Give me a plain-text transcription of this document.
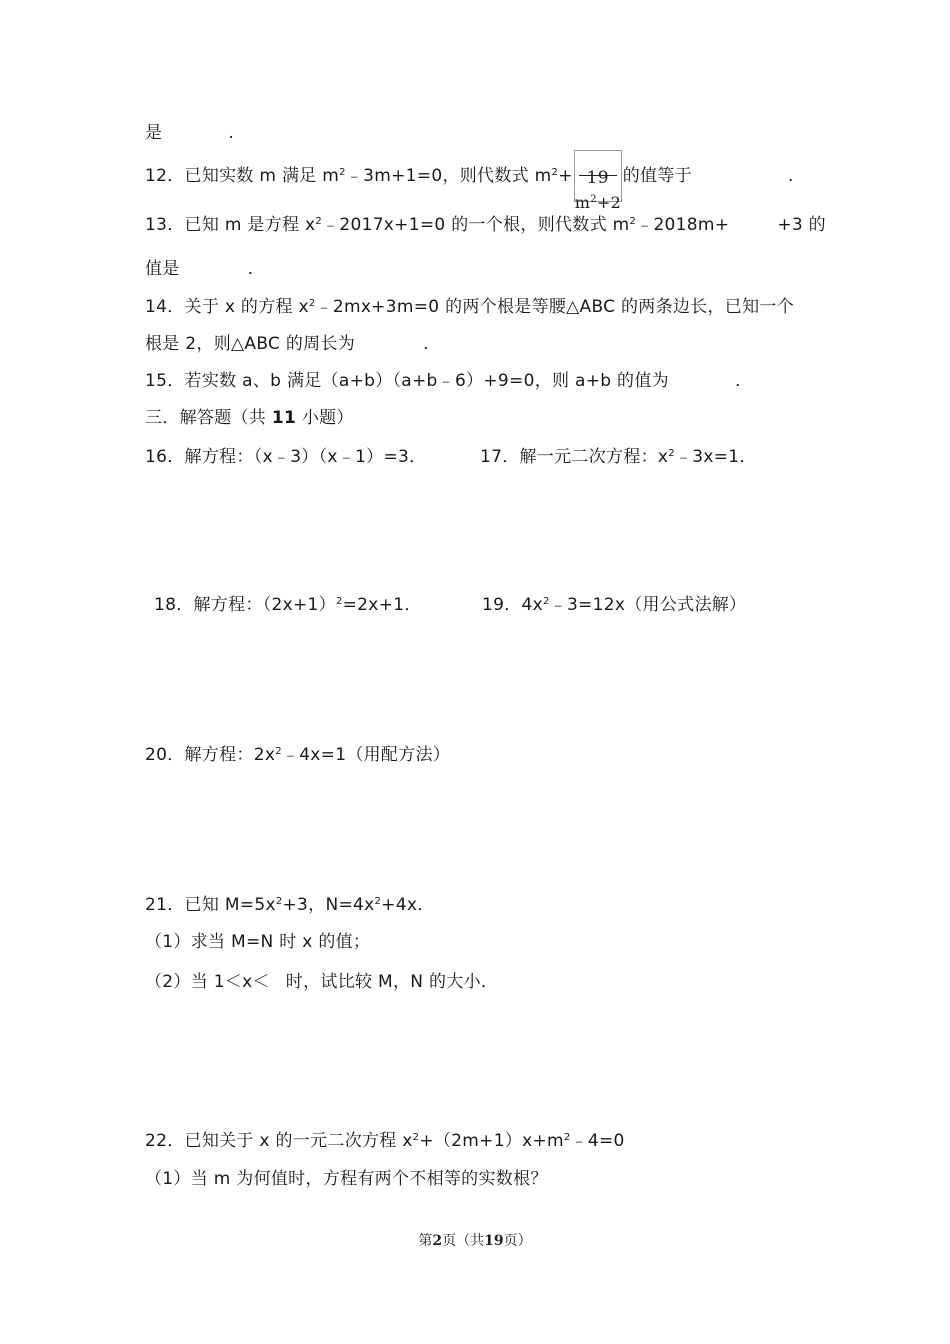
是	.
12．已知实数 m 满足 $m^2﹣3m+1=0$，则代数式 $m^2+ 19$
$m^2+2$
的值等于	.
13．已知 m 是方程 $x^2﹣2017x+1=0$ 的一个根，则代数式 $m^2﹣2018m+$	+3 的
值是	.
14．关于 x 的方程 $x^2﹣2mx+3m=0$ 的两个根是等腰△ABC 的两条边长，已知一个
根是 2，则△ABC 的周长为	.
15．若实数 a、b 满足（a+b）（a+b﹣6）+9=0，则 a+b 的值为	.
三．解答题（共 11 小题）
16．解方程：（x﹣3）（x﹣1）=3．	17．解一元二次方程：$x^2﹣3x=1$．
18．解方程：$(2x+1)^2=2x+1$．	19．$4x^2﹣3=12x$（用公式法解）
20．解方程：$2x^2﹣4x=1$（用配方法）
21．已知 $M=5x^2+3$，$N=4x^2+4x$．
（1）求当 M=N 时 x 的值；
（2）当 1＜x＜ 时，试比较 M，N 的大小．
22．已知关于 x 的一元二次方程 $x^2+(2m+1)x+m^2﹣4=0$
（1）当 m 为何值时，方程有两个不相等的实数根？
第2页（共19页）
